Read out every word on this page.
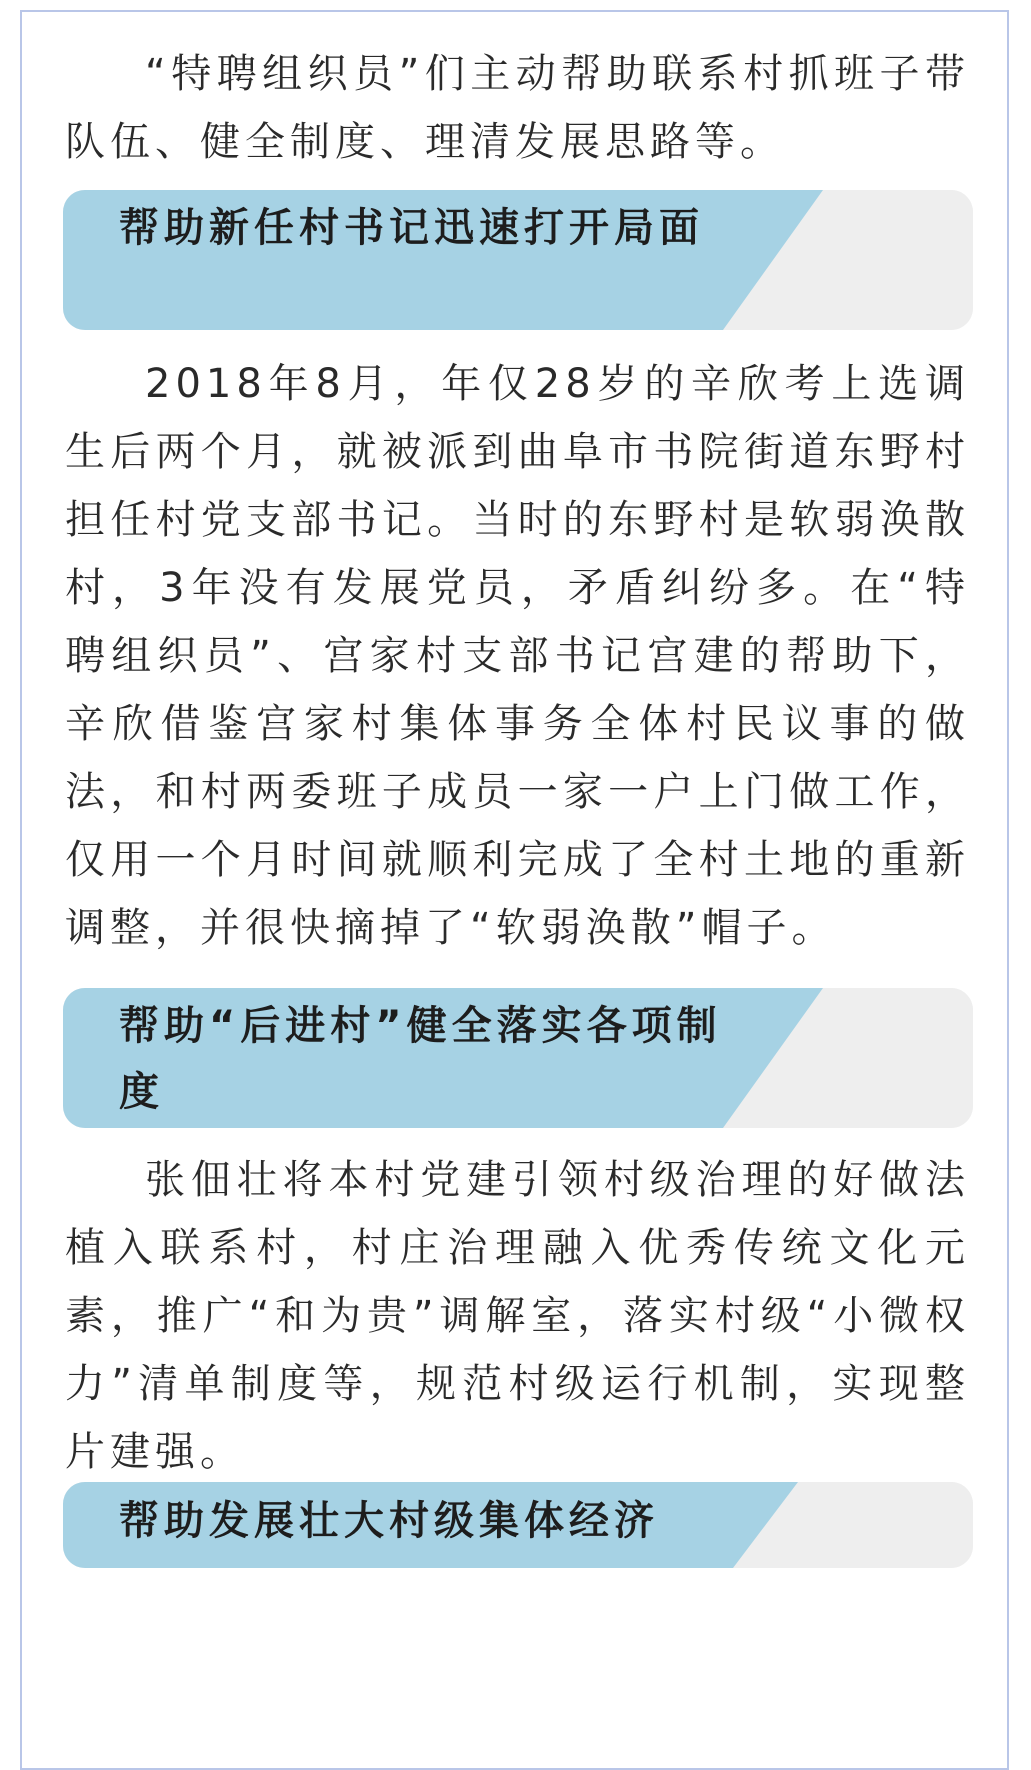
“特聘组织员”们主动帮助联系村抓班子带队伍、健全制度、理清发展思路等。

帮助新任村书记迅速打开局面

2018年8月，年仅28岁的辛欣考上选调生后两个月，就被派到曲阜市书院街道东野村担任村党支部书记。当时的东野村是软弱涣散村，3年没有发展党员，矛盾纠纷多。在“特聘组织员”、宫家村支部书记宫建的帮助下，辛欣借鉴宫家村集体事务全体村民议事的做法，和村两委班子成员一家一户上门做工作，仅用一个月时间就顺利完成了全村土地的重新调整，并很快摘掉了“软弱涣散”帽子。

帮助“后进村”健全落实各项制度

张佃壮将本村党建引领村级治理的好做法植入联系村，村庄治理融入优秀传统文化元素，推广“和为贵”调解室，落实村级“小微权力”清单制度等，规范村级运行机制，实现整片建强。

帮助发展壮大村级集体经济
